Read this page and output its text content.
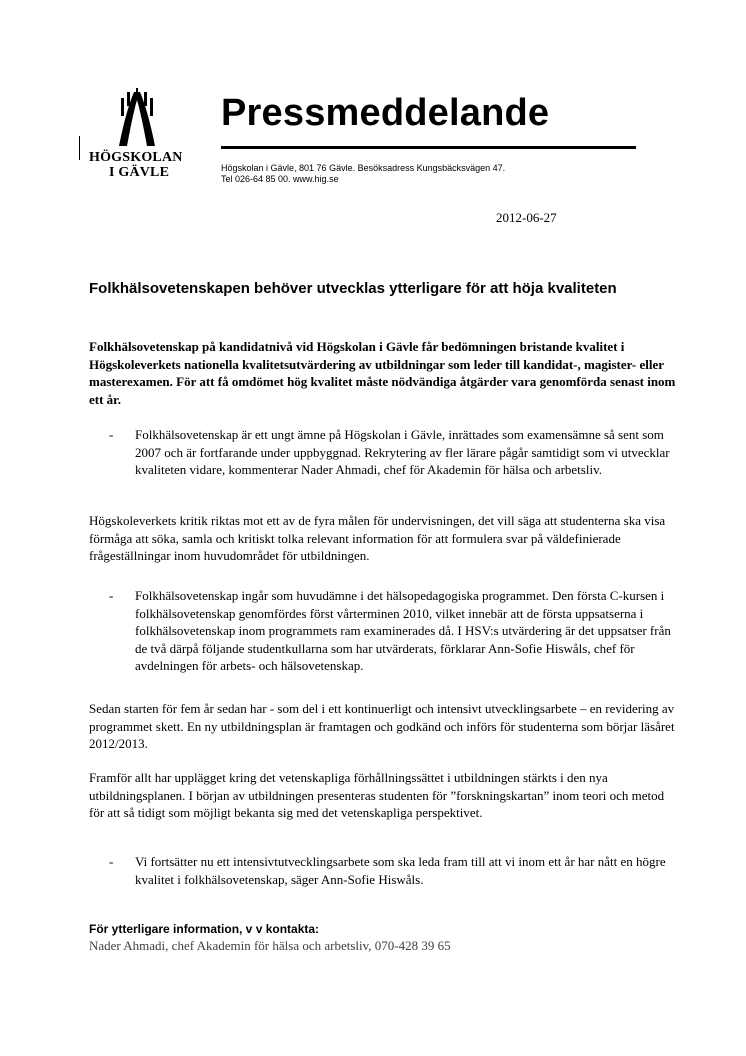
HÖGSKOLAN
I GÄVLE
Pressmeddelande
Högskolan i Gävle, 801 76 Gävle. Besöksadress Kungsbäcksvägen 47.
Tel 026-64 85 00. www.hig.se
2012-06-27
Folkhälsovetenskapen behöver utvecklas ytterligare för att höja kvaliteten
Folkhälsovetenskap på kandidatnivå vid Högskolan i Gävle får bedömningen bristande kvalitet i Högskoleverkets nationella kvalitetsutvärdering av utbildningar som leder till kandidat-, magister- eller masterexamen. För att få omdömet hög kvalitet måste nödvändiga åtgärder vara genomförda senast inom ett år.
- Folkhälsovetenskap är ett ungt ämne på Högskolan i Gävle, inrättades som examensämne så sent som 2007 och är fortfarande under uppbyggnad. Rekrytering av fler lärare pågår samtidigt som vi utvecklar kvaliteten vidare, kommenterar Nader Ahmadi, chef för Akademin för hälsa och arbetsliv.
Högskoleverkets kritik riktas mot ett av de fyra målen för undervisningen, det vill säga att studenterna ska visa förmåga att söka, samla och kritiskt tolka relevant information för att formulera svar på väldefinierade frågeställningar inom huvudområdet för utbildningen.
- Folkhälsovetenskap ingår som huvudämne i det hälsopedagogiska programmet. Den första C-kursen i folkhälsovetenskap genomfördes först vårterminen 2010, vilket innebär att de första uppsatserna i folkhälsovetenskap inom programmets ram examinerades då. I HSV:s utvärdering är det uppsatser från de två därpå följande studentkullarna som har utvärderats, förklarar Ann-Sofie Hiswåls, chef för avdelningen för arbets- och hälsovetenskap.
Sedan starten för fem år sedan har - som del i ett kontinuerligt och intensivt utvecklingsarbete – en revidering av programmet skett. En ny utbildningsplan är framtagen och godkänd och införs för studenterna som börjar läsåret 2012/2013.
Framför allt har upplägget kring det vetenskapliga förhållningssättet i utbildningen stärkts i den nya utbildningsplanen. I början av utbildningen presenteras studenten för ”forskningskartan” inom teori och metod för att så tidigt som möjligt bekanta sig med det vetenskapliga perspektivet.
- Vi fortsätter nu ett intensivtutvecklingsarbete som ska leda fram till att vi inom ett år har nått en högre kvalitet i folkhälsovetenskap, säger Ann-Sofie Hiswåls.
För ytterligare information, v v kontakta:
Nader Ahmadi, chef Akademin för hälsa och arbetsliv, 070-428 39 65
